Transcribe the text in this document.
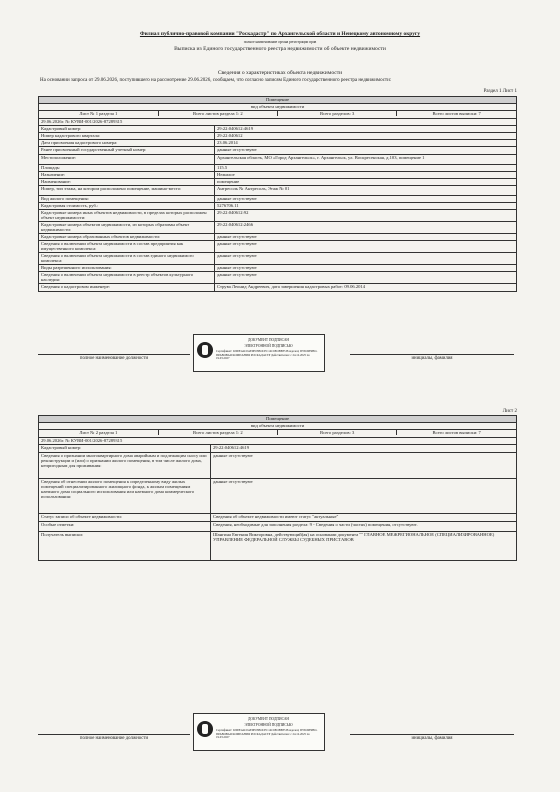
Филиал публично-правовой компании "Роскадастр" по Архангельской области и Ненецкому автономному округу
полное наименование органа регистрации прав
Выписка из Единого государственного реестра недвижимости об объекте недвижимости
Сведения о характеристиках объекта недвижимости
На основании запроса от 29.06.2026, поступившего на рассмотрение 29.06.2026, сообщаем, что согласно записям Единого государственного реестра недвижимости:
Раздел 1 Лист 1
Помещение
вид объекта недвижимости

Лист № 1 раздела 1	Всего листов раздела 1: 2	Всего разделов: 3	Всего листов выписки: 7

29.06.2026г. № КУВИ-001/2026-87289315
Кадастровый номер:	29:22:040612:4619
Номер кадастрового квартала:	29:22:040612
Дата присвоения кадастрового номера:	23.06.2014
Ранее присвоенный государственный учетный номер:	данные отсутствуют
Местоположение:	Архангельская область, МО «Город Архангельск», г. Архангельск, ул. Воскресенская, д.103, помещение 1
Площадь:	115.5
Назначение:	Нежилое
Наименование:	помещение
Номер, тип этажа, на котором расположено помещение, машино-место:	Антресоль № Антресоль, Этаж № 01
Вид жилого помещения:	данные отсутствуют
Кадастровая стоимость, руб.:	5276706.11
Кадастровые номера иных объектов недвижимости, в пределах которых расположен объект недвижимости:	29:22:040612:92
Кадастровые номера объектов недвижимости, из которых образован объект недвижимости:	29:22:040612:2466
Кадастровые номера образованных объектов недвижимости:	данные отсутствуют
Сведения о включении объекта недвижимости в состав предприятия как имущественного комплекса:	данные отсутствуют
Сведения о включении объекта недвижимости в состав единого недвижимого комплекса:	данные отсутствуют
Виды разрешенного использования:	данные отсутствуют
Сведения о включении объекта недвижимости в реестр объектов культурного наследия:	данные отсутствуют
Сведения о кадастровом инженере:	Струва Леонид Андреевич, дата завершения кадастровых работ: 09.06.2014
полное наименование должности
ДОКУМЕНТ ПОДПИСАН
ЭЛЕКТРОННОЙ ПОДПИСЬЮ
Сертификат: 0290ЕА4С0АЕ9Е05ВОСЕС14С6ЕОВЕ85 Владелец: ПУБЛИЧНО-ПРАВОВАЯ КОМПАНИЯ РОСКАДАСТР Действителен: с 24.12.2025 по 19.03.2027	инициалы, фамилия
Лист 2
Помещение
вид объекта недвижимости

Лист № 2 раздела 1	Всего листов раздела 1: 2	Всего разделов: 3	Всего листов выписки: 7

29.06.2026г. № КУВИ-001/2026-87289315
Кадастровый номер:	29:22:040612:4619
Сведения о признании многоквартирного дома аварийным и подлежащим сносу или реконструкции и (или) о признании жилого помещения, в том числе жилого дома, непригодным для проживания:	данные отсутствуют
Сведения об отнесении жилого помещения к определенному виду жилых помещений специализированного жилищного фонда, к жилым помещениям наемного дома социального использования или наемного дома коммерческого использования:	данные отсутствуют
Статус записи об объекте недвижимости:	Сведения об объекте недвижимости имеют статус "актуальные"
Особые отметки:	Сведения, необходимые для заполнения раздела: 9 - Сведения о части (частях) помещения, отсутствуют.
Получатель выписки:	Шангина Евгения Викторовна, действующий(ая) на основании документа "" ГЛАВНОЕ МЕЖРЕГИОНАЛЬНОЕ (СПЕЦИАЛИЗИРОВАННОЕ) УПРАВЛЕНИЕ ФЕДЕРАЛЬНОЙ СЛУЖБЫ СУДЕБНЫХ ПРИСТАВОВ
полное наименование должности
ДОКУМЕНТ ПОДПИСАН
ЭЛЕКТРОННОЙ ПОДПИСЬЮ
Сертификат: 0290ЕА4С0АЕ9Е05ВОСЕС14С6ЕОВЕ85 Владелец: ПУБЛИЧНО-ПРАВОВАЯ КОМПАНИЯ РОСКАДАСТР Действителен: с 24.12.2025 по 19.03.2027	инициалы, фамилия
